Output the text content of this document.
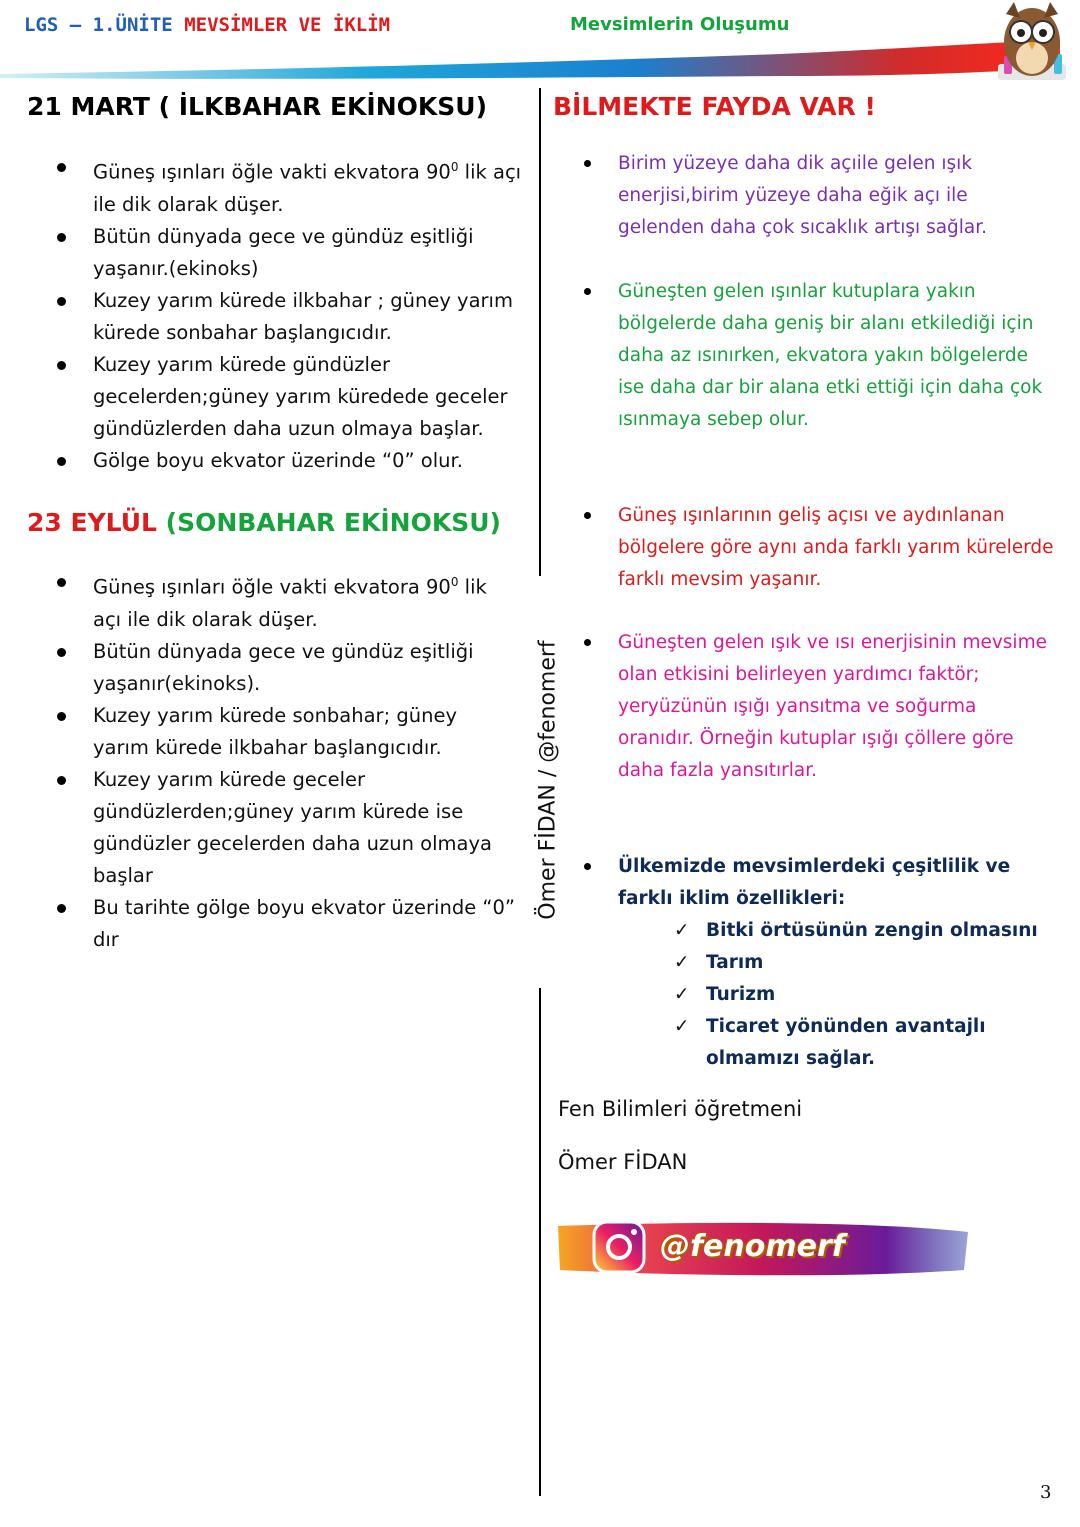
LGS – 1.ÜNİTE MEVSİMLER VE İKLİM	Mevsimlerin Oluşumu
21 MART ( İLKBAHAR EKİNOKSU)
Güneş ışınları öğle vakti ekvatora $90^0$ lik açı ile dik olarak düşer.
Bütün dünyada gece ve gündüz eşitliği yaşanır.(ekinoks)
Kuzey yarım kürede ilkbahar ; güney yarım kürede sonbahar başlangıcıdır.
Kuzey yarım kürede gündüzler gecelerden;güney yarım küredede geceler gündüzlerden daha uzun olmaya başlar.
Gölge boyu ekvator üzerinde “0” olur.
23 EYLÜL (SONBAHAR EKİNOKSU)
Güneş ışınları öğle vakti ekvatora $90^0$ lik açı ile dik olarak düşer.
Bütün dünyada gece ve gündüz eşitliği yaşanır(ekinoks).
Kuzey yarım kürede sonbahar; güney yarım kürede ilkbahar başlangıcıdır.
Kuzey yarım kürede geceler gündüzlerden;güney yarım kürede ise gündüzler gecelerden daha uzun olmaya başlar
Bu tarihte gölge boyu ekvator üzerinde “0” dır
Ömer FİDAN / @fenomerf
BİLMEKTE FAYDA VAR !
Birim yüzeye daha dik açıile gelen ışık enerjisi,birim yüzeye daha eğik açı ile gelenden daha çok sıcaklık artışı sağlar.
Güneşten gelen ışınlar kutuplara yakın bölgelerde daha geniş bir alanı etkilediği için daha az ısınırken, ekvatora yakın bölgelerde ise daha dar bir alana etki ettiği için daha çok ısınmaya sebep olur.
Güneş ışınlarının geliş açısı ve aydınlanan bölgelere göre aynı anda farklı yarım kürelerde farklı mevsim yaşanır.
Güneşten gelen ışık ve ısı enerjisinin mevsime olan etkisini belirleyen yardımcı faktör; yeryüzünün ışığı yansıtma ve soğurma oranıdır. Örneğin kutuplar ışığı çöllere göre daha fazla yansıtırlar.
Ülkemizde mevsimlerdeki çeşitlilik ve farklı iklim özellikleri:
✓ Bitki örtüsünün zengin olmasını
✓ Tarım
✓ Turizm
✓ Ticaret yönünden avantajlı olmamızı sağlar.
Fen Bilimleri öğretmeni
Ömer FİDAN
@fenomerf
3
